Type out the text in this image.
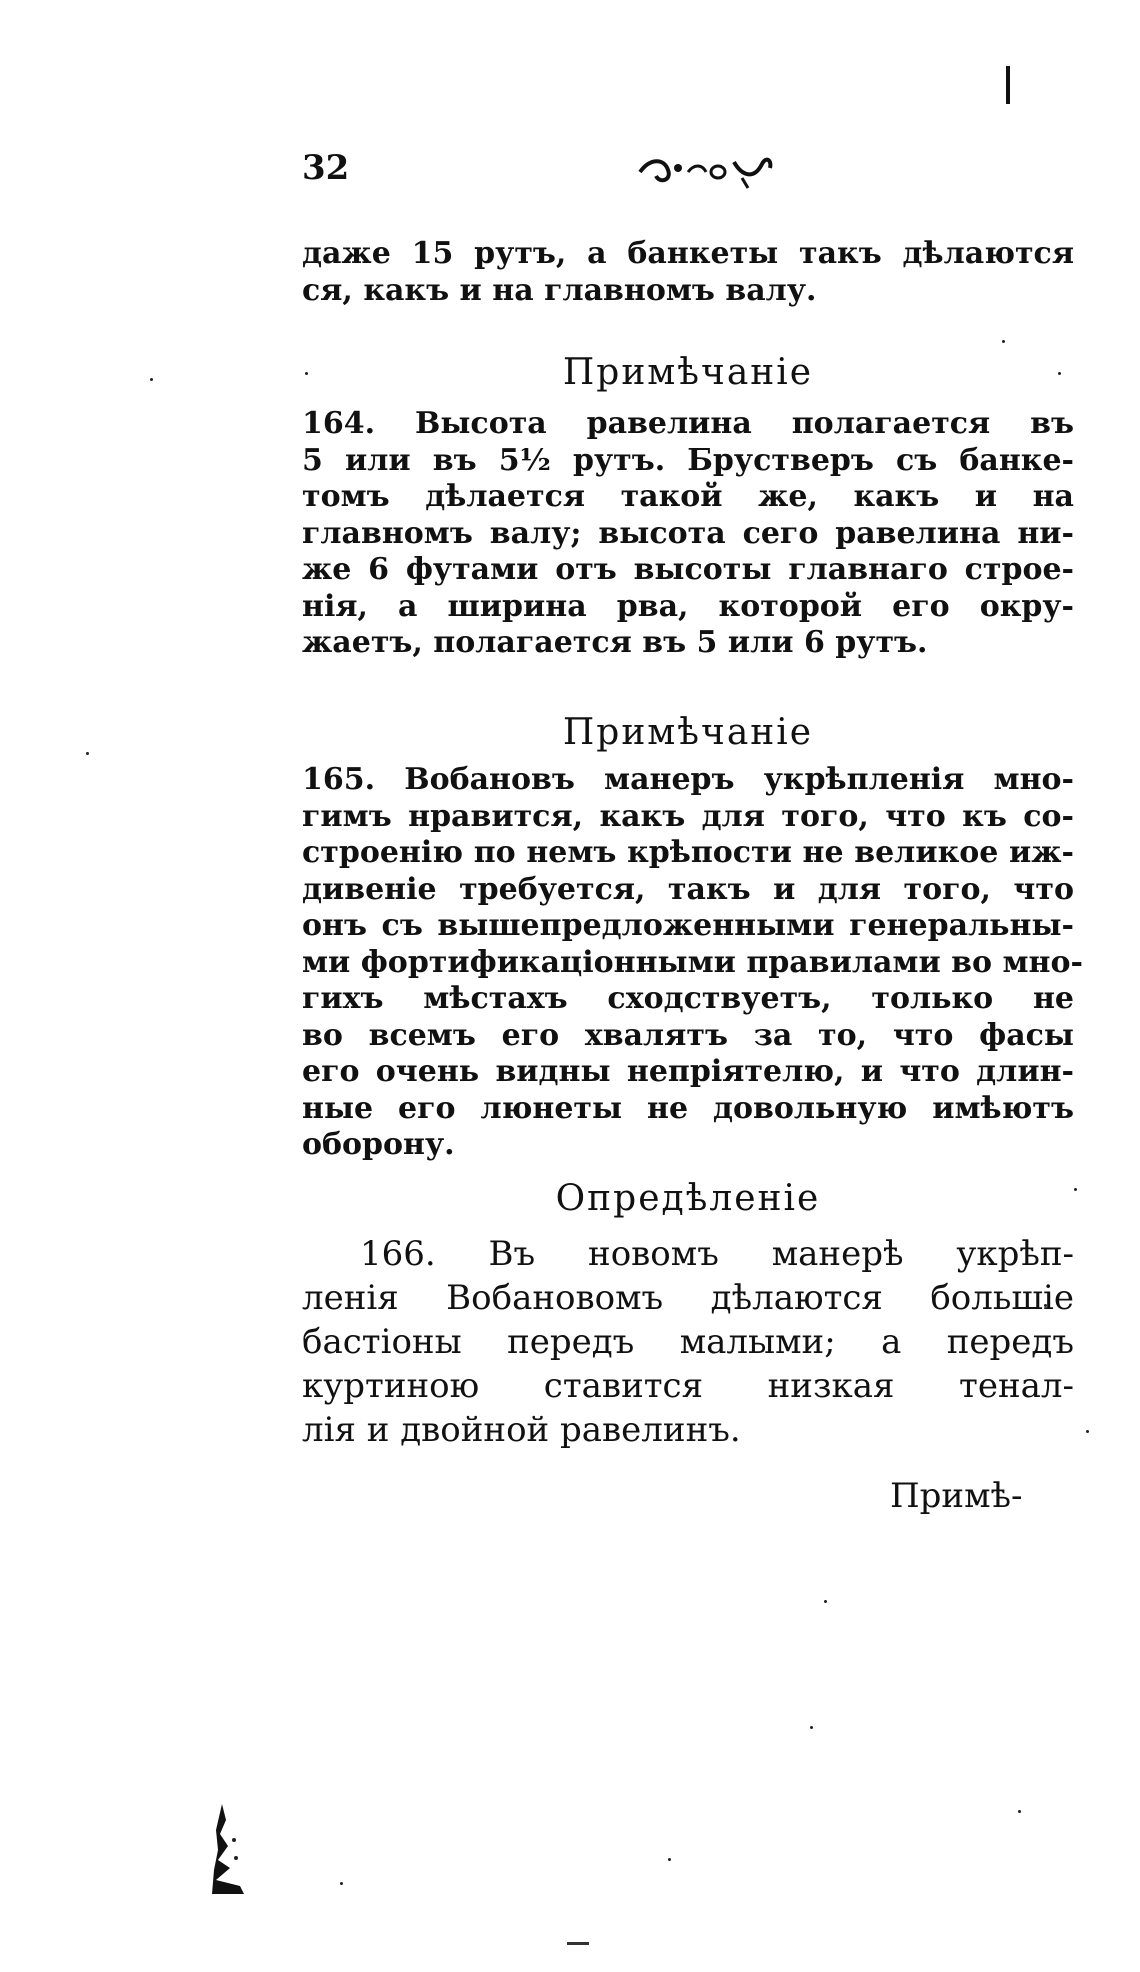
32
даже 15 рутъ, а банкеты такъ дѣлаются
ся, какъ и на главномъ валу.
Примѣчаніе
164. Высота равелина полагается въ
5 или въ 5½ рутъ. Брустверъ съ банке-
томъ дѣлается такой же, какъ и на
главномъ валу; высота сего равелина ни-
же 6 футами отъ высоты главнаго строе-
нія, а ширина рва, которой его окру-
жаетъ, полагается въ 5 или 6 рутъ.
Примѣчаніе
165. Вобановъ манеръ укрѣпленія мно-
гимъ нравится, какъ для того, что къ со-
строенію по немъ крѣпости не великое иж-
дивеніе требуется, такъ и для того, что
онъ съ вышепредложенными генеральны-
ми фортификаціонными правилами во мно-
гихъ мѣстахъ сходствуетъ, только не
во всемъ его хвалятъ за то, что фасы
его очень видны непріятелю, и что длин-
ные его люнеты не довольную имѣютъ
оборону.
Опредѣленіе
166. Въ новомъ манерѣ укрѣп-
ленія Вобановомъ дѣлаются большіе
бастіоны передъ малыми; а передъ
куртиною ставится низкая тенал-
лія и двойной равелинъ.
Примѣ-
